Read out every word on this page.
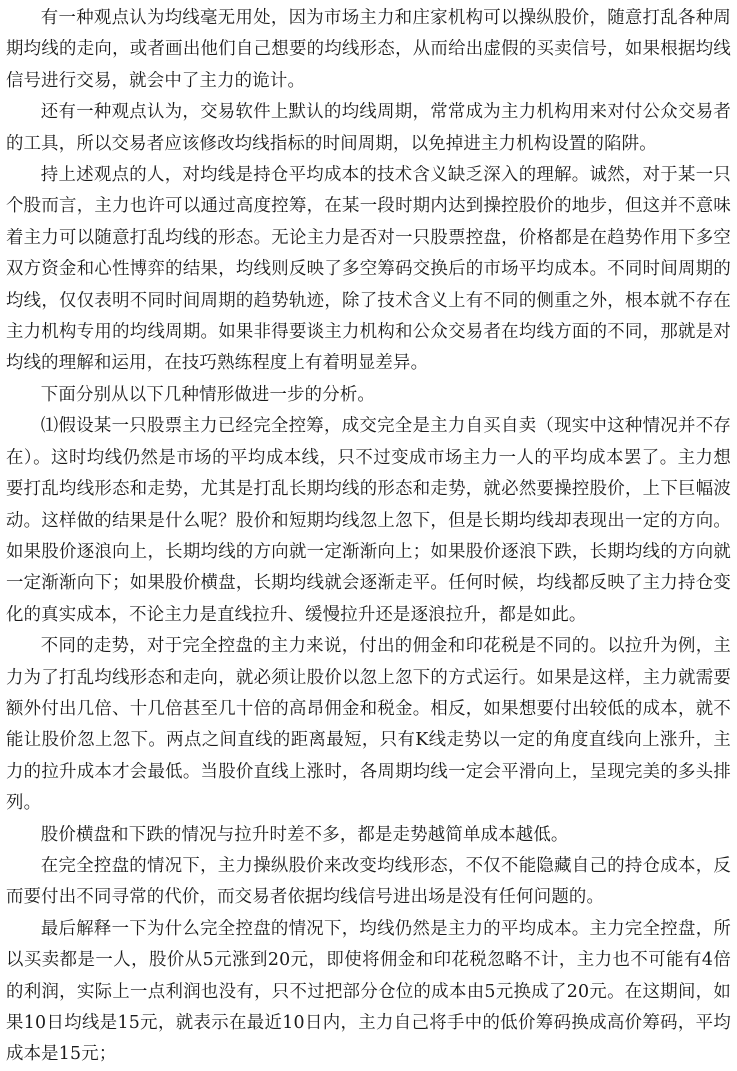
有一种观点认为均线毫无用处，因为市场主力和庄家机构可以操纵股价，随意打乱各种周期均线的走向，或者画出他们自己想要的均线形态，从而给出虚假的买卖信号，如果根据均线信号进行交易，就会中了主力的诡计。

还有一种观点认为，交易软件上默认的均线周期，常常成为主力机构用来对付公众交易者的工具，所以交易者应该修改均线指标的时间周期，以免掉进主力机构设置的陷阱。

持上述观点的人，对均线是持仓平均成本的技术含义缺乏深入的理解。诚然，对于某一只个股而言，主力也许可以通过高度控筹，在某一段时期内达到操控股价的地步，但这并不意味着主力可以随意打乱均线的形态。无论主力是否对一只股票控盘，价格都是在趋势作用下多空双方资金和心性博弈的结果，均线则反映了多空筹码交换后的市场平均成本。不同时间周期的均线，仅仅表明不同时间周期的趋势轨迹，除了技术含义上有不同的侧重之外，根本就不存在主力机构专用的均线周期。如果非得要谈主力机构和公众交易者在均线方面的不同，那就是对均线的理解和运用，在技巧熟练程度上有着明显差异。

下面分别从以下几种情形做进一步的分析。

⑴假设某一只股票主力已经完全控筹，成交完全是主力自买自卖（现实中这种情况并不存在）。这时均线仍然是市场的平均成本线，只不过变成市场主力一人的平均成本罢了。主力想要打乱均线形态和走势，尤其是打乱长期均线的形态和走势，就必然要操控股价，上下巨幅波动。这样做的结果是什么呢？股价和短期均线忽上忽下，但是长期均线却表现出一定的方向。如果股价逐浪向上，长期均线的方向就一定渐渐向上；如果股价逐浪下跌，长期均线的方向就一定渐渐向下；如果股价横盘，长期均线就会逐渐走平。任何时候，均线都反映了主力持仓变化的真实成本，不论主力是直线拉升、缓慢拉升还是逐浪拉升，都是如此。

不同的走势，对于完全控盘的主力来说，付出的佣金和印花税是不同的。以拉升为例，主力为了打乱均线形态和走向，就必须让股价以忽上忽下的方式运行。如果是这样，主力就需要额外付出几倍、十几倍甚至几十倍的高昂佣金和税金。相反，如果想要付出较低的成本，就不能让股价忽上忽下。两点之间直线的距离最短，只有K线走势以一定的角度直线向上涨升，主力的拉升成本才会最低。当股价直线上涨时，各周期均线一定会平滑向上，呈现完美的多头排列。

股价横盘和下跌的情况与拉升时差不多，都是走势越简单成本越低。

在完全控盘的情况下，主力操纵股价来改变均线形态，不仅不能隐藏自己的持仓成本，反而要付出不同寻常的代价，而交易者依据均线信号进出场是没有任何问题的。

最后解释一下为什么完全控盘的情况下，均线仍然是主力的平均成本。主力完全控盘，所以买卖都是一人，股价从5元涨到20元，即使将佣金和印花税忽略不计，主力也不可能有4倍的利润，实际上一点利润也没有，只不过把部分仓位的成本由5元换成了20元。在这期间，如果10日均线是15元，就表示在最近10日内，主力自己将手中的低价筹码换成高价筹码，平均成本是15元；
